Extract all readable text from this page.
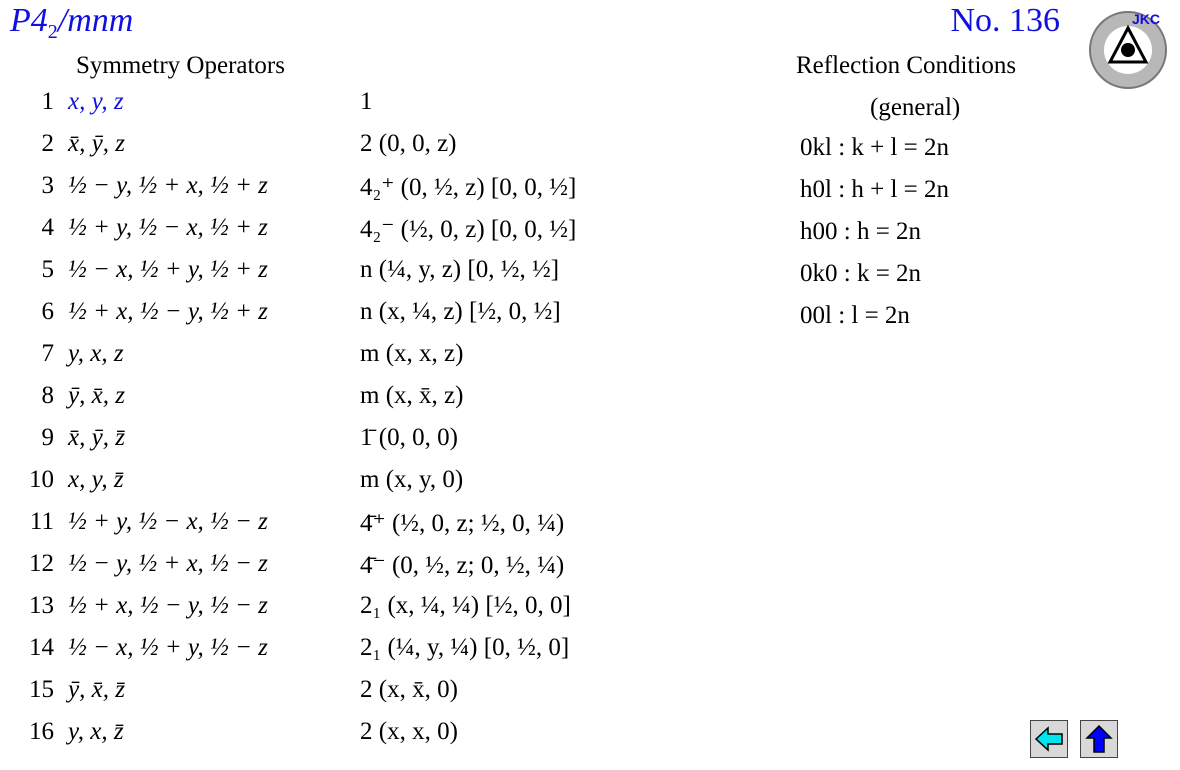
$P4_2$/mnm	No. 136
Symmetry Operators	Reflection Conditions
(general)
1 x, y, z	1
2 x̄, ȳ, z	2 (0, 0, z)
3 ½ − y, ½ + x, ½ + z	4₂⁺ (0, ½, z) [0, 0, ½]
4 ½ + y, ½ − x, ½ + z	4₂⁻ (½, 0, z) [0, 0, ½]
5 ½ − x, ½ + y, ½ + z	n (¼, y, z) [0, ½, ½]
6 ½ + x, ½ − y, ½ + z	n (x, ¼, z) [½, 0, ½]
7 y, x, z	m (x, x, z)
8 ȳ, x̄, z	m (x, x̄, z)
9 x̄, ȳ, z̄	1̄ (0, 0, 0)
10 x, y, z̄	m (x, y, 0)
11 ½ + y, ½ − x, ½ − z	4̄⁺ (½, 0, z; ½, 0, ¼)
12 ½ − y, ½ + x, ½ − z	4̄⁻ (0, ½, z; 0, ½, ¼)
13 ½ + x, ½ − y, ½ − z	2₁ (x, ¼, ¼) [½, 0, 0]
14 ½ − x, ½ + y, ½ − z	2₁ (¼, y, ¼) [0, ½, 0]
15 ȳ, x̄, z̄	2 (x, x̄, 0)
16 y, x, z̄	2 (x, x, 0)
0kl : k + l = 2n
h0l : h + l = 2n
h00 : h = 2n
0k0 : k = 2n
00l : l = 2n
JKC
